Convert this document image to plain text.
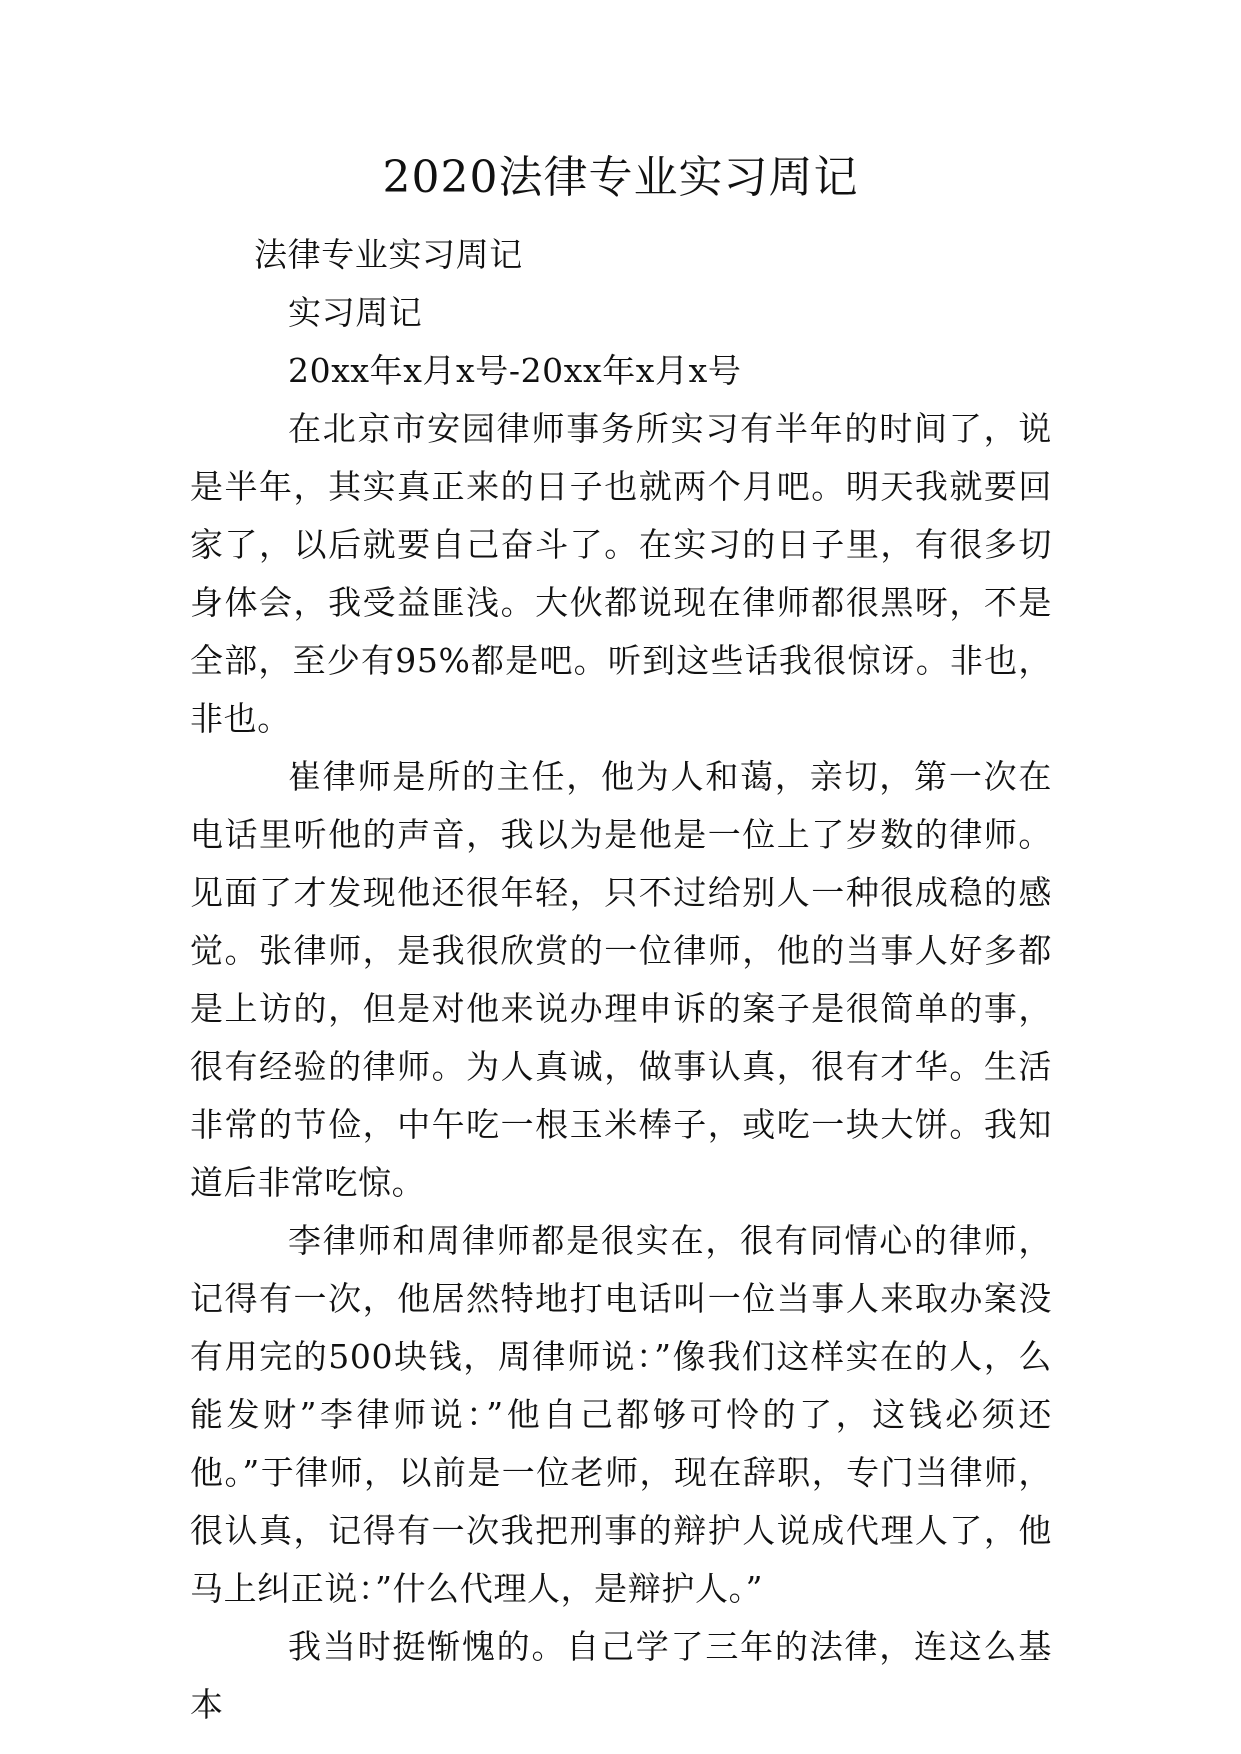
2020法律专业实习周记

法律专业实习周记

实习周记

20xx年x月x号-20xx年x月x号

在北京市安园律师事务所实习有半年的时间了，说是半年，其实真正来的日子也就两个月吧。明天我就要回家了，以后就要自己奋斗了。在实习的日子里，有很多切身体会，我受益匪浅。大伙都说现在律师都很黑呀，不是全部，至少有95%都是吧。听到这些话我很惊讶。非也，非也。

崔律师是所的主任，他为人和蔼，亲切，第一次在电话里听他的声音，我以为是他是一位上了岁数的律师。见面了才发现他还很年轻，只不过给别人一种很成稳的感觉。张律师，是我很欣赏的一位律师，他的当事人好多都是上访的，但是对他来说办理申诉的案子是很简单的事，很有经验的律师。为人真诚，做事认真，很有才华。生活非常的节俭，中午吃一根玉米棒子，或吃一块大饼。我知道后非常吃惊。

李律师和周律师都是很实在，很有同情心的律师，记得有一次，他居然特地打电话叫一位当事人来取办案没有用完的500块钱，周律师说：”像我们这样实在的人，么能发财”李律师说：”他自己都够可怜的了，这钱必须还他。”于律师，以前是一位老师，现在辞职，专门当律师，很认真，记得有一次我把刑事的辩护人说成代理人了，他马上纠正说：”什么代理人，是辩护人。”

我当时挺惭愧的。自己学了三年的法律，连这么基本
